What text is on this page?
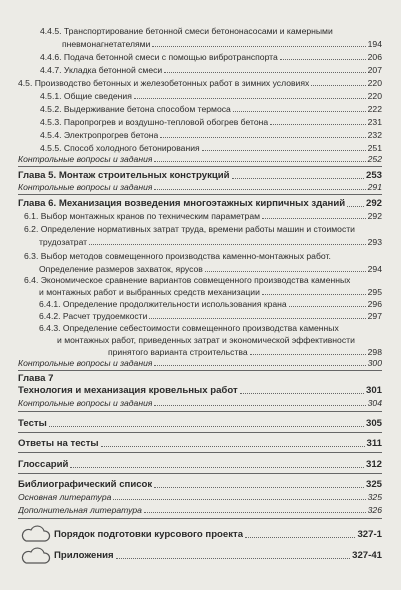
4.4.5. Транспортирование бетонной смеси бетононасосами и камерными
пневмонагнетателями	194
4.4.6. Подача бетонной смеси с помощью вибротранспорта	206
4.4.7. Укладка бетонной смеси	207
4.5. Производство бетонных и железобетонных работ в зимних условиях	220
4.5.1. Общие сведения	220
4.5.2. Выдерживание бетона способом термоса	222
4.5.3. Паропрогрев и воздушно-тепловой обогрев бетона	231
4.5.4. Электропрогрев бетона	232
4.5.5. Способ холодного бетонирования	251
Контрольные вопросы и задания	252
Глава 5. Монтаж строительных конструкций	253
Контрольные вопросы и задания	291
Глава 6. Механизация возведения многоэтажных кирпичных зданий 292
6.1. Выбор монтажных кранов по техническим параметрам	292
6.2. Определение нормативных затрат труда, времени работы машин и стоимости
трудозатрат	293
6.3. Выбор методов совмещенного производства каменно-монтажных работ.
Определение размеров захваток, ярусов	294
6.4. Экономическое сравнение вариантов совмещенного производства каменных
и монтажных работ и выбранных средств механизации	295
6.4.1. Определение продолжительности использования крана	296
6.4.2. Расчет трудоемкости	297
6.4.3. Определение себестоимости совмещенного производства каменных
и монтажных работ, приведенных затрат и экономической эффективности
принятого варианта строительства	298
Контрольные вопросы и задания	300
Глава 7
Технология и механизация кровельных работ	301
Контрольные вопросы и задания	304
Тесты	305
Ответы на тесты	311
Глоссарий	312
Библиографический список	325
Основная литература	325
Дополнительная литература	326
Порядок подготовки курсового проекта	327-1
Приложения	327-41
